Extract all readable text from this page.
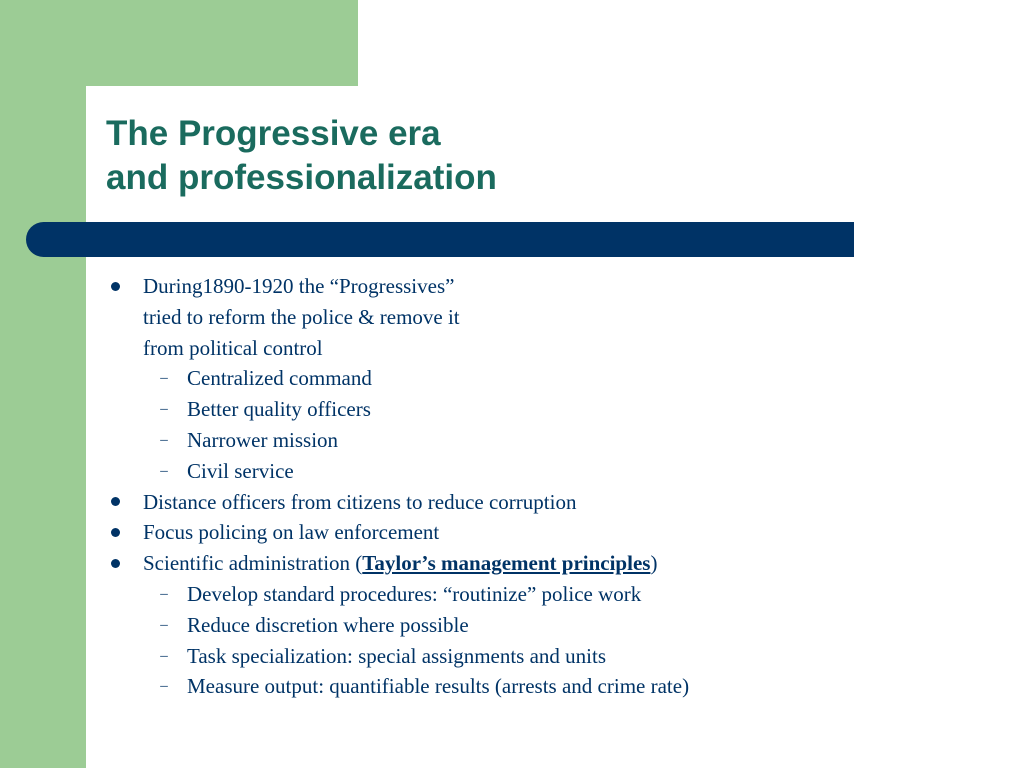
The Progressive era
and professionalization
During1890-1920 the “Progressives”
tried to reform the police & remove it
from political control
– Centralized command
– Better quality officers
– Narrower mission
– Civil service
Distance officers from citizens to reduce corruption
Focus policing on law enforcement
Scientific administration (Taylor’s management principles)
– Develop standard procedures: “routinize” police work
– Reduce discretion where possible
– Task specialization: special assignments and units
– Measure output: quantifiable results (arrests and crime rate)
